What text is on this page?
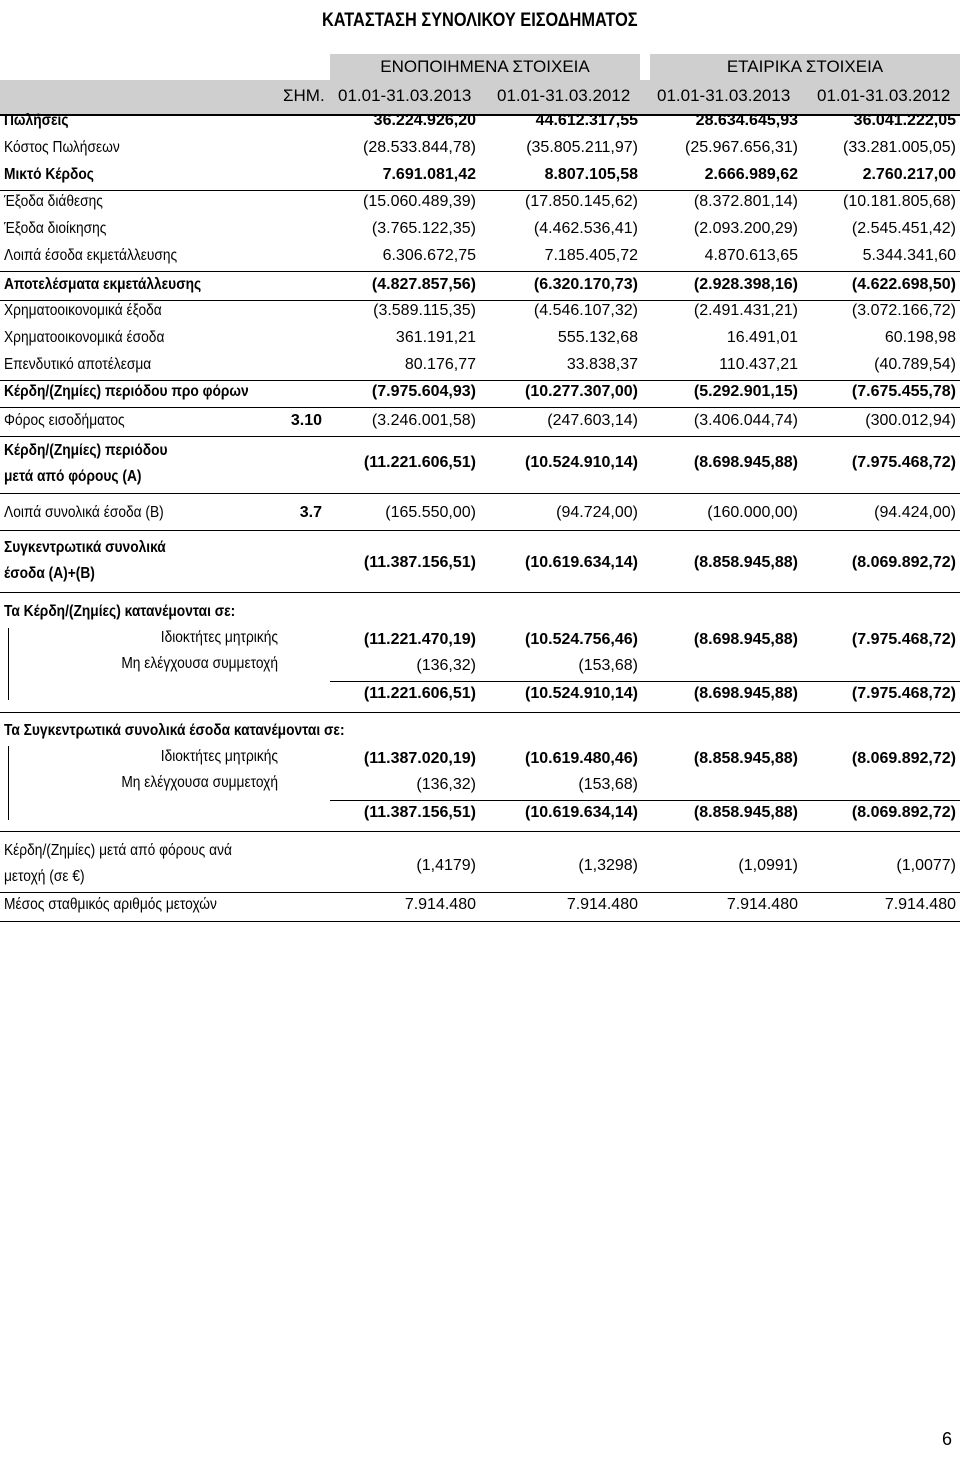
ΚΑΤΑΣΤΑΣΗ ΣΥΝΟΛΙΚΟΥ ΕΙΣΟΔΗΜΑΤΟΣ
ΕΝΟΠΟΙΗΜΕΝΑ ΣΤΟΙΧΕΙΑ	ΕΤΑΙΡΙΚΑ ΣΤΟΙΧΕΙΑ
ΣΗΜ. 01.01-31.03.2013 01.01-31.03.2012 01.01-31.03.2013 01.01-31.03.2012
Πωλήσεις	36.224.926,20	44.612.317,55	28.634.645,93	36.041.222,05
Κόστος Πωλήσεων	(28.533.844,78)	(35.805.211,97)	(25.967.656,31)	(33.281.005,05)
Μικτό Κέρδος	7.691.081,42	8.807.105,58	2.666.989,62	2.760.217,00
Έξοδα διάθεσης	(15.060.489,39)	(17.850.145,62)	(8.372.801,14)	(10.181.805,68)
Έξοδα διοίκησης	(3.765.122,35)	(4.462.536,41)	(2.093.200,29)	(2.545.451,42)
Λοιπά έσοδα εκμετάλλευσης	6.306.672,75	7.185.405,72	4.870.613,65	5.344.341,60
Αποτελέσματα εκμετάλλευσης	(4.827.857,56)	(6.320.170,73)	(2.928.398,16)	(4.622.698,50)
Χρηματοοικονομικά έξοδα	(3.589.115,35)	(4.546.107,32)	(2.491.431,21)	(3.072.166,72)
Χρηματοοικονομικά έσοδα	361.191,21	555.132,68	16.491,01	60.198,98
Επενδυτικό αποτέλεσμα	80.176,77	33.838,37	110.437,21	(40.789,54)
Κέρδη/(Ζημίες) περιόδου προ φόρων	(7.975.604,93)	(10.277.307,00)	(5.292.901,15)	(7.675.455,78)
Φόρος εισοδήματος	3.10	(3.246.001,58)	(247.603,14)	(3.406.044,74)	(300.012,94)
Κέρδη/(Ζημίες) περιόδου
μετά από φόρους (Α)
(11.221.606,51)	(10.524.910,14)	(8.698.945,88)	(7.975.468,72)
Λοιπά συνολικά έσοδα (Β)	3.7	(165.550,00)	(94.724,00)	(160.000,00)	(94.424,00)
Συγκεντρωτικά συνολικά
έσοδα (Α)+(Β)
(11.387.156,51)	(10.619.634,14)	(8.858.945,88)	(8.069.892,72)
Τα Κέρδη/(Ζημίες) κατανέμονται σε:
Ιδιοκτήτες μητρικής	(11.221.470,19)	(10.524.756,46)	(8.698.945,88)	(7.975.468,72)
Μη ελέγχουσα συμμετοχή	(136,32)	(153,68)
(11.221.606,51)	(10.524.910,14)	(8.698.945,88)	(7.975.468,72)
Τα Συγκεντρωτικά συνολικά έσοδα κατανέμονται σε:
Ιδιοκτήτες μητρικής	(11.387.020,19)	(10.619.480,46)	(8.858.945,88)	(8.069.892,72)
Μη ελέγχουσα συμμετοχή	(136,32)	(153,68)
(11.387.156,51)	(10.619.634,14)	(8.858.945,88)	(8.069.892,72)
Κέρδη/(Ζημίες) μετά από φόρους ανά
μετοχή (σε €)
(1,4179)	(1,3298)	(1,0991)	(1,0077)
Μέσος σταθμικός αριθμός μετοχών	7.914.480	7.914.480	7.914.480	7.914.480
6
